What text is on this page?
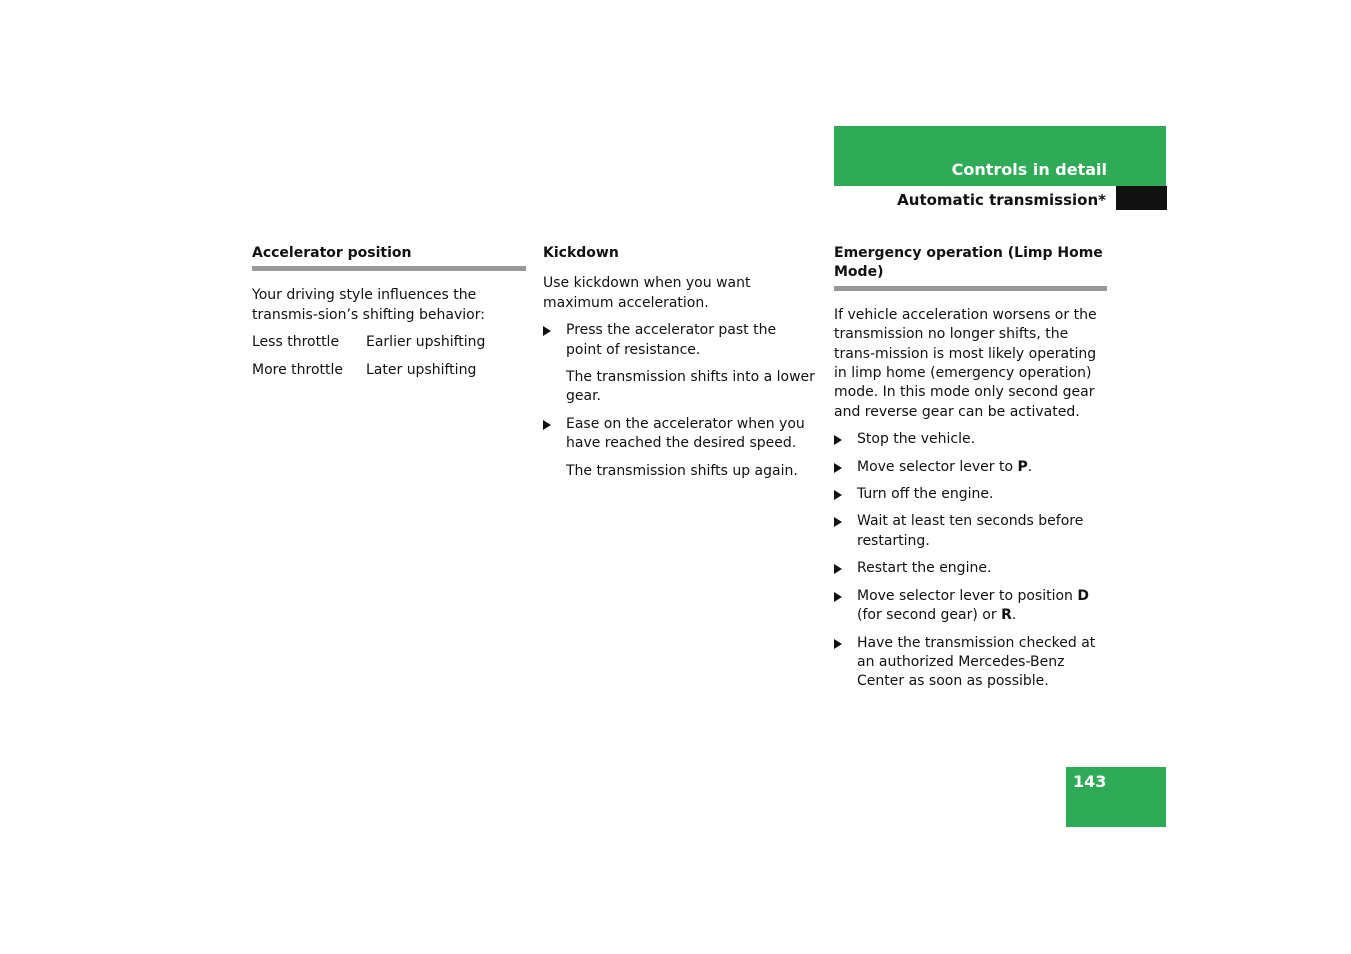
Controls in detail
Automatic transmission*
Accelerator position

Your driving style influences the transmis-sion’s shifting behavior:

Less throttle	Earlier upshifting
More throttle	Later upshifting
Kickdown

Use kickdown when you want maximum acceleration.

Press the accelerator past the point of resistance.
The transmission shifts into a lower gear.
Ease on the accelerator when you have reached the desired speed.
The transmission shifts up again.
Emergency operation (Limp Home Mode)

If vehicle acceleration worsens or the transmission no longer shifts, the trans-mission is most likely operating in limp home (emergency operation) mode. In this mode only second gear and reverse gear can be activated.

Stop the vehicle.
Move selector lever to P.
Turn off the engine.
Wait at least ten seconds before restarting.
Restart the engine.
Move selector lever to position D (for second gear) or R.
Have the transmission checked at an authorized Mercedes-Benz Center as soon as possible.
143
